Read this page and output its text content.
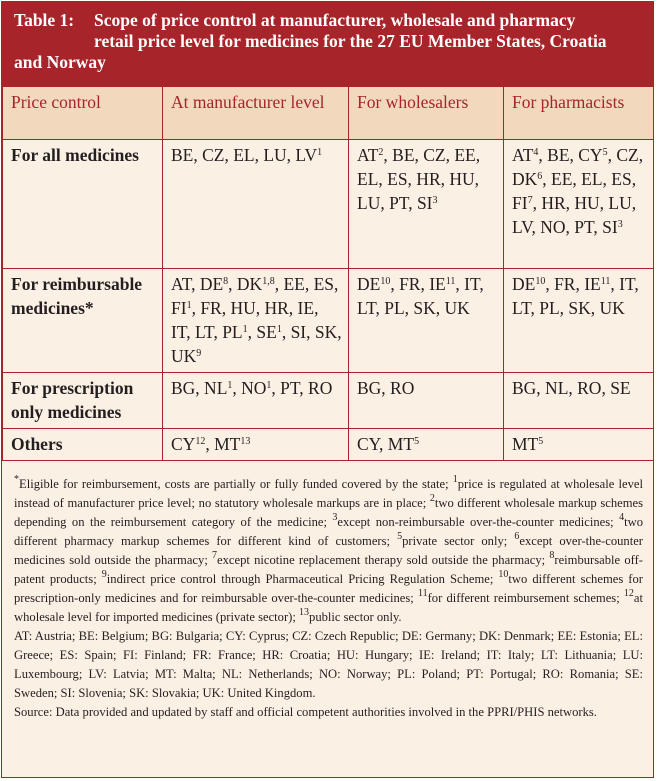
Table 1: Scope of price control at manufacturer, wholesale and pharmacy
retail price level for medicines for the 27 EU Member States, Croatia
and Norway
Price control	At manufacturer level	For wholesalers	For pharmacists
For all medicines	BE, CZ, EL, LU, $LV^1$	$AT^2$, BE, CZ, EE, EL, ES, HR, HU, LU, PT, $SI^3$	$AT^4$, BE, $CY^5$, CZ, $DK^6$, EE, EL, ES, $FI^7$, HR, HU, LU, LV, NO, PT, $SI^3$
For reimbursable medicines*	AT, $DE^8$, DK$^{1,8}$, EE, ES, $FI^1$, FR, HU, HR, IE, IT, LT, $PL^1$, $SE^1$, SI, SK, $UK^9$	DE$^{10}$, FR, IE$^{11}$, IT, LT, PL, SK, UK	DE$^{10}$, FR, IE$^{11}$, IT, LT, PL, SK, UK
For prescription only medicines	BG, $NL^1$, $NO^1$, PT, RO	BG, RO	BG, NL, RO, SE
Others	CY$^{12}$, MT$^{13}$	CY, $MT^5$	$MT^5$

*Eligible for reimbursement, costs are partially or fully funded covered by the state; $^1$price is regulated at wholesale level instead of manufacturer price level; no statutory wholesale markups are in place; $^2$two different wholesale markup schemes depending on the reimbursement category of the medicine; $^3$except non-reimbursable over-the-counter medicines; $^4$two different pharmacy markup schemes for different kind of customers; $^5$private sector only; $^6$except over-the-counter medicines sold outside the pharmacy; $^7$except nicotine replacement therapy sold outside the pharmacy; $^8$reimbursable off-patent products; $^9$indirect price control through Pharmaceutical Pricing Regulation Scheme; $^{10}$two different schemes for prescription-only medicines and for reimbursable over-the-counter medicines; $^{11}$for different reimbursement schemes; $^{12}$at wholesale level for imported medicines (private sector); $^{13}$public sector only.

AT: Austria; BE: Belgium; BG: Bulgaria; CY: Cyprus; CZ: Czech Republic; DE: Germany; DK: Denmark; EE: Estonia; EL: Greece; ES: Spain; FI: Finland; FR: France; HR: Croatia; HU: Hungary; IE: Ireland; IT: Italy; LT: Lithuania; LU: Luxembourg; LV: Latvia; MT: Malta; NL: Netherlands; NO: Norway; PL: Poland; PT: Portugal; RO: Romania; SE: Sweden; SI: Slovenia; SK: Slovakia; UK: United Kingdom.

Source: Data provided and updated by staff and official competent authorities involved in the PPRI/PHIS networks.
